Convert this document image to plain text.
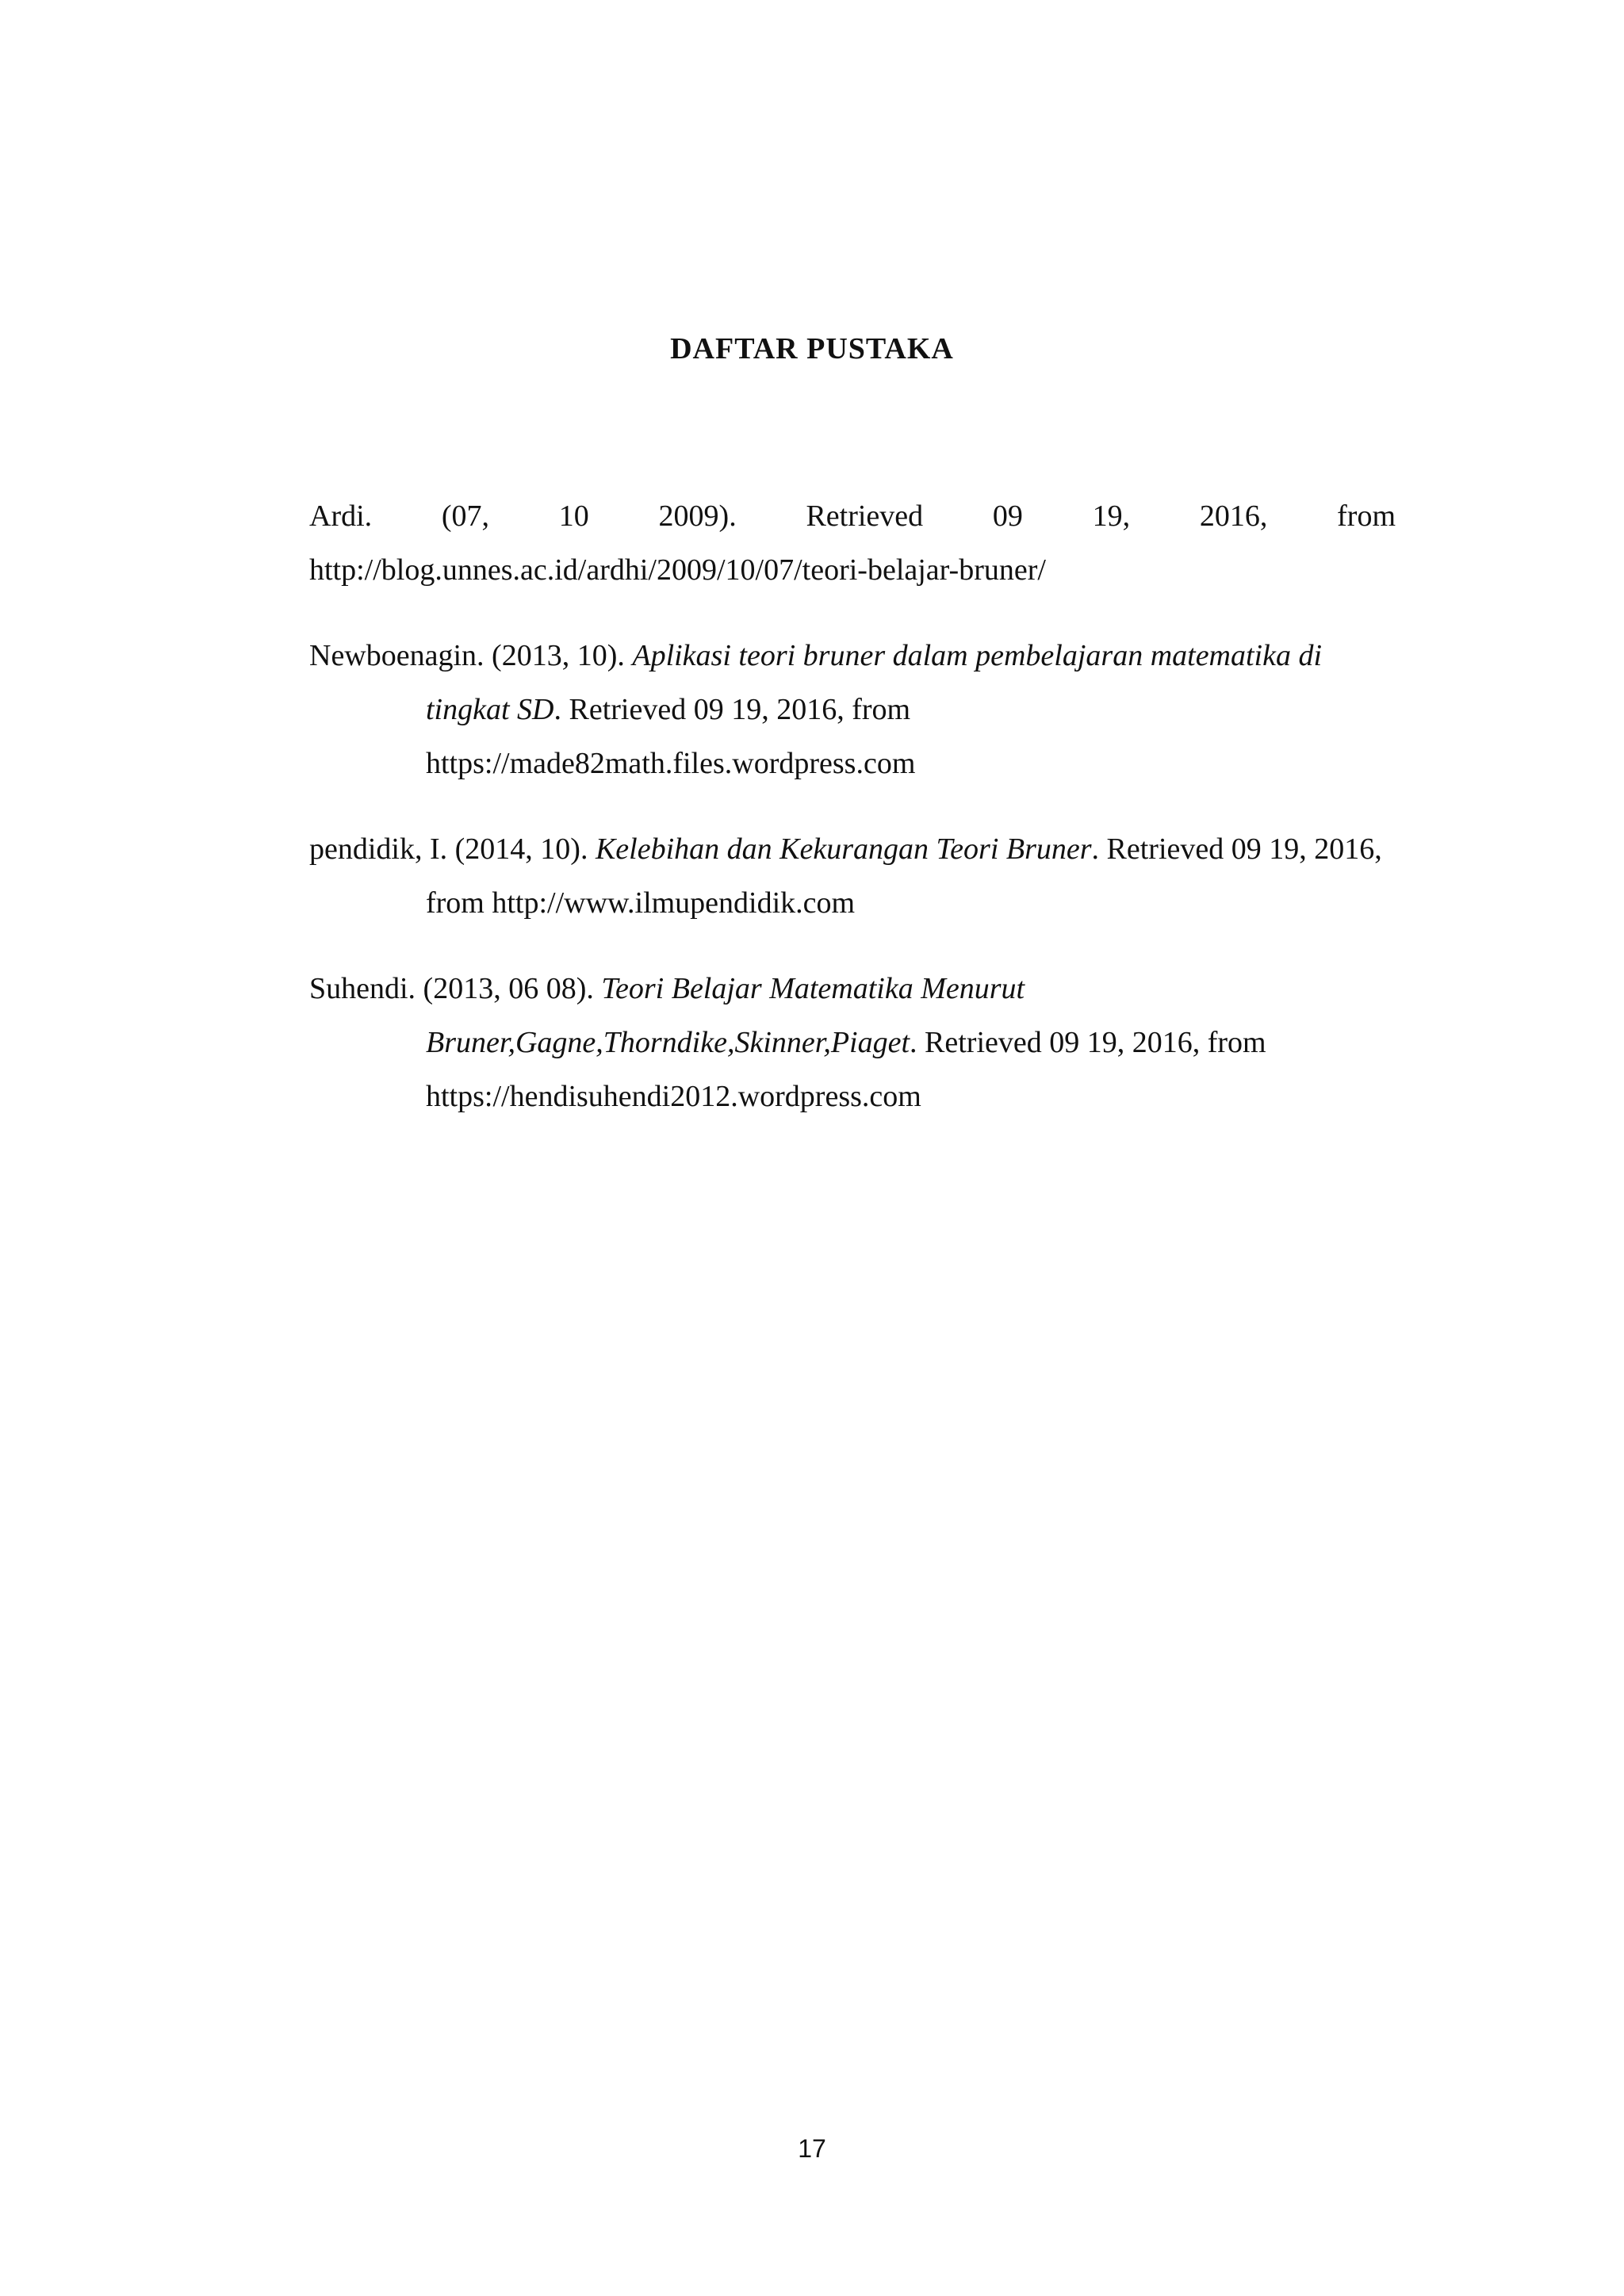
DAFTAR PUSTAKA
Ardi. (07, 10 2009). Retrieved 09 19, 2016, from
http://blog.unnes.ac.id/ardhi/2009/10/07/teori-belajar-bruner/
Newboenagin. (2013, 10). Aplikasi teori bruner dalam pembelajaran matematika di tingkat SD. Retrieved 09 19, 2016, from https://made82math.files.wordpress.com
pendidik, I. (2014, 10). Kelebihan dan Kekurangan Teori Bruner. Retrieved 09 19, 2016, from http://www.ilmupendidik.com
Suhendi. (2013, 06 08). Teori Belajar Matematika Menurut Bruner,Gagne,Thorndike,Skinner,Piaget. Retrieved 09 19, 2016, from https://hendisuhendi2012.wordpress.com
17
